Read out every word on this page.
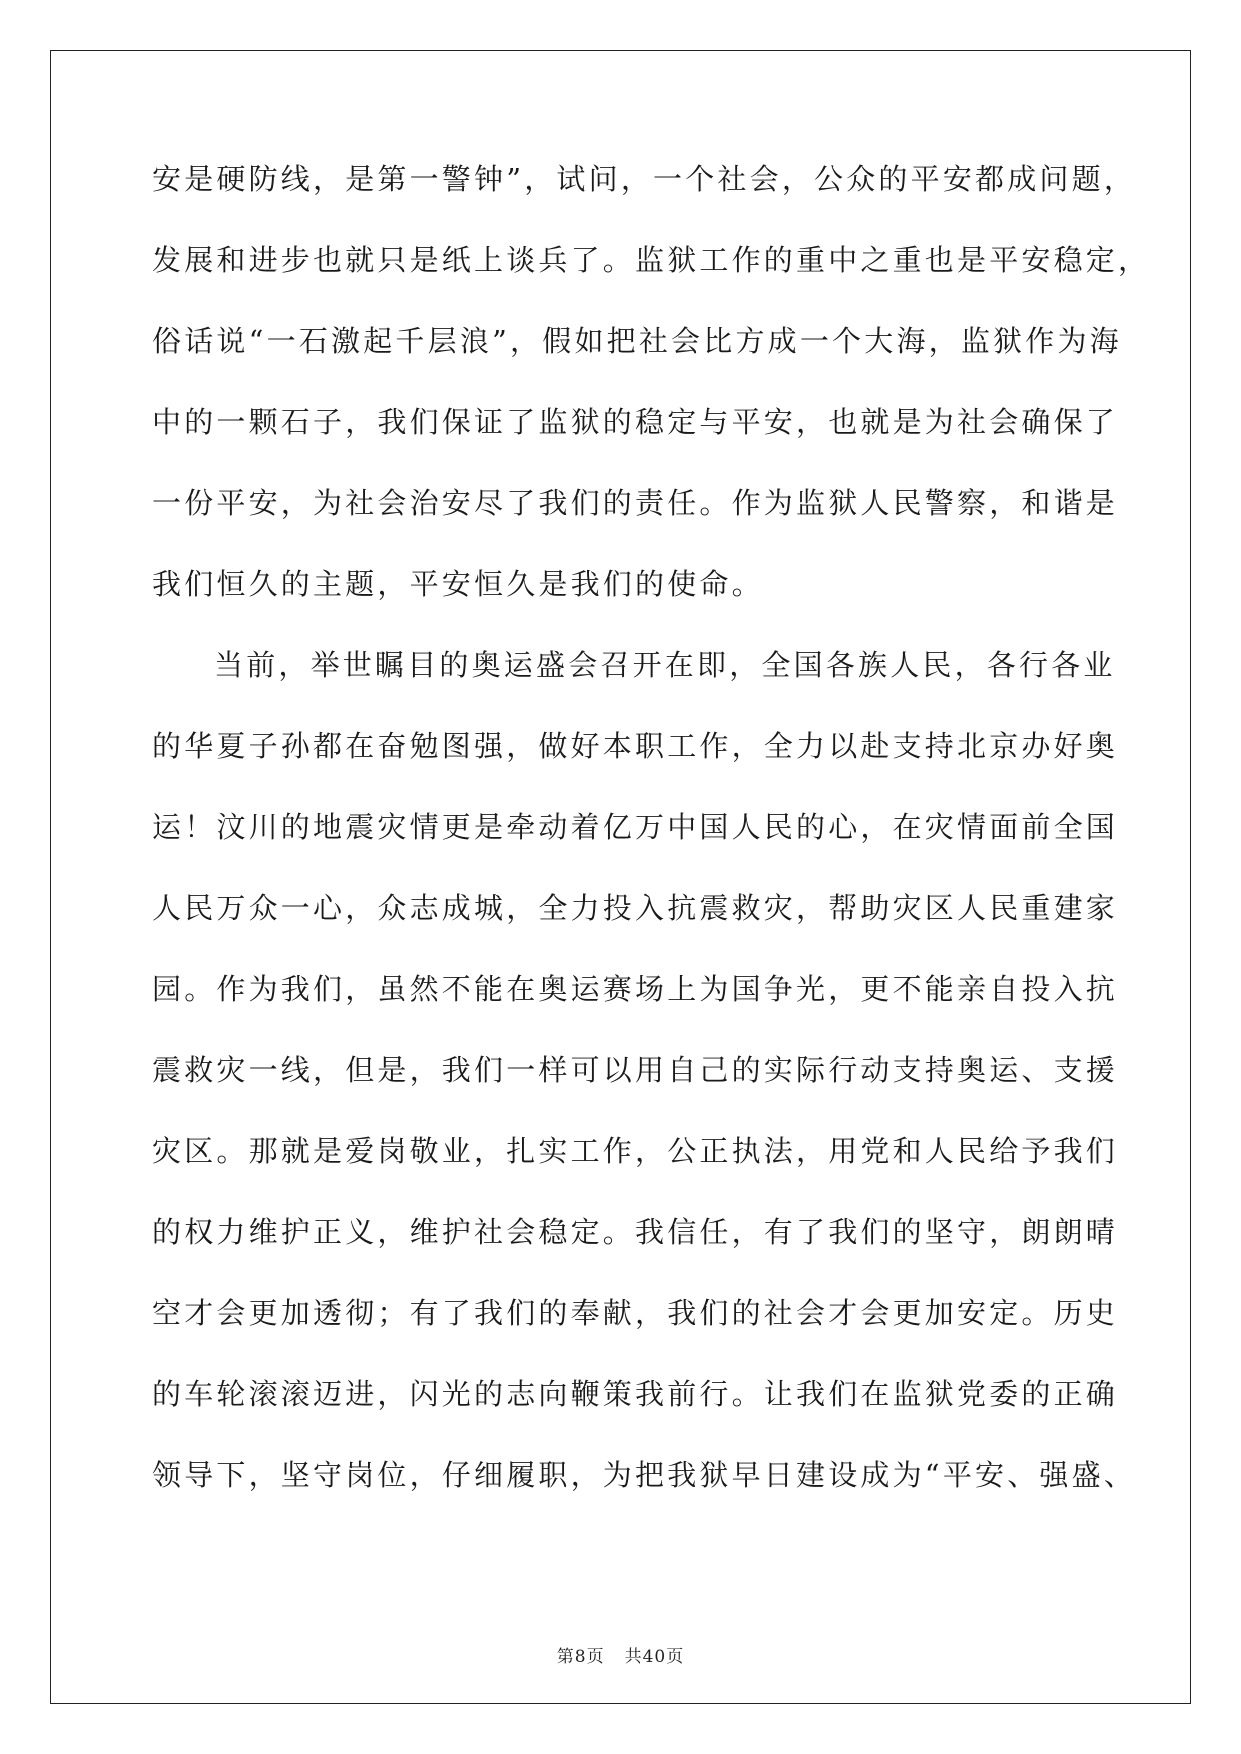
安是硬防线，是第一警钟”，试问，一个社会，公众的平安都成问题，
发展和进步也就只是纸上谈兵了。监狱工作的重中之重也是平安稳定，
俗话说“一石激起千层浪”，假如把社会比方成一个大海，监狱作为海
中的一颗石子，我们保证了监狱的稳定与平安，也就是为社会确保了
一份平安，为社会治安尽了我们的责任。作为监狱人民警察，和谐是
我们恒久的主题，平安恒久是我们的使命。
当前，举世瞩目的奥运盛会召开在即，全国各族人民，各行各业
的华夏子孙都在奋勉图强，做好本职工作，全力以赴支持北京办好奥
运！汶川的地震灾情更是牵动着亿万中国人民的心，在灾情面前全国
人民万众一心，众志成城，全力投入抗震救灾，帮助灾区人民重建家
园。作为我们，虽然不能在奥运赛场上为国争光，更不能亲自投入抗
震救灾一线，但是，我们一样可以用自己的实际行动支持奥运、支援
灾区。那就是爱岗敬业，扎实工作，公正执法，用党和人民给予我们
的权力维护正义，维护社会稳定。我信任，有了我们的坚守，朗朗晴
空才会更加透彻；有了我们的奉献，我们的社会才会更加安定。历史
的车轮滚滚迈进，闪光的志向鞭策我前行。让我们在监狱党委的正确
领导下，坚守岗位，仔细履职，为把我狱早日建设成为“平安、强盛、
第8页 共40页
